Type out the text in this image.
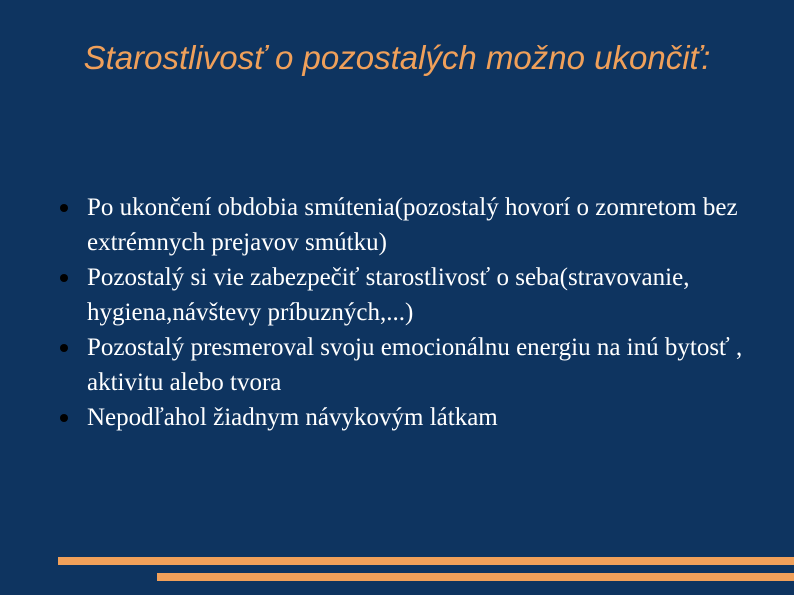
Starostlivosť o pozostalých možno ukončiť:
Po ukončení obdobia smútenia(pozostalý hovorí o zomretom bez extrémnych prejavov smútku)
Pozostalý si vie zabezpečiť starostlivosť o seba(stravovanie, hygiena,návštevy príbuzných,...)
Pozostalý presmeroval svoju emocionálnu energiu na inú bytosť , aktivitu alebo tvora
Nepodľahol žiadnym návykovým látkam
